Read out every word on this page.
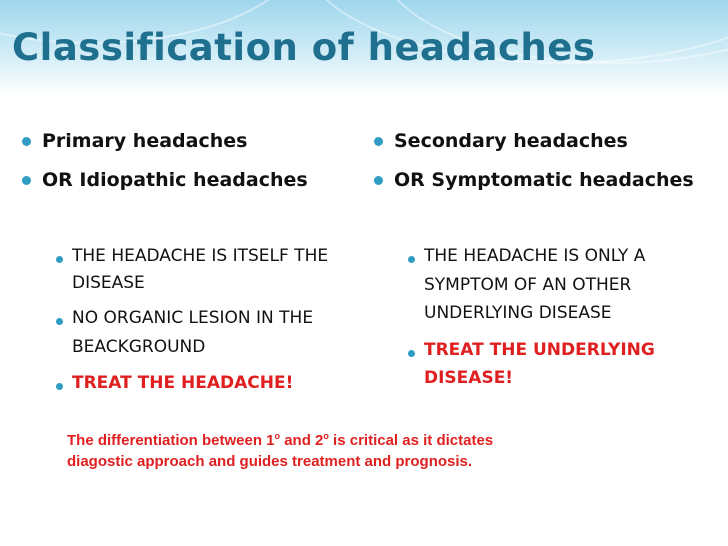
Classification of headaches
Primary headaches
OR Idiopathic headaches
Secondary headaches
OR Symptomatic headaches
THE HEADACHE IS ITSELF THE
DISEASE
NO ORGANIC LESION IN THE
BEACKGROUND
TREAT THE HEADACHE!
THE HEADACHE IS ONLY A
SYMPTOM OF AN OTHER
UNDERLYING DISEASE
TREAT THE UNDERLYING
DISEASE!
The differentiation between 1$^o$ and 2$^o$ is critical as it dictates
diagostic approach and guides treatment and prognosis.
